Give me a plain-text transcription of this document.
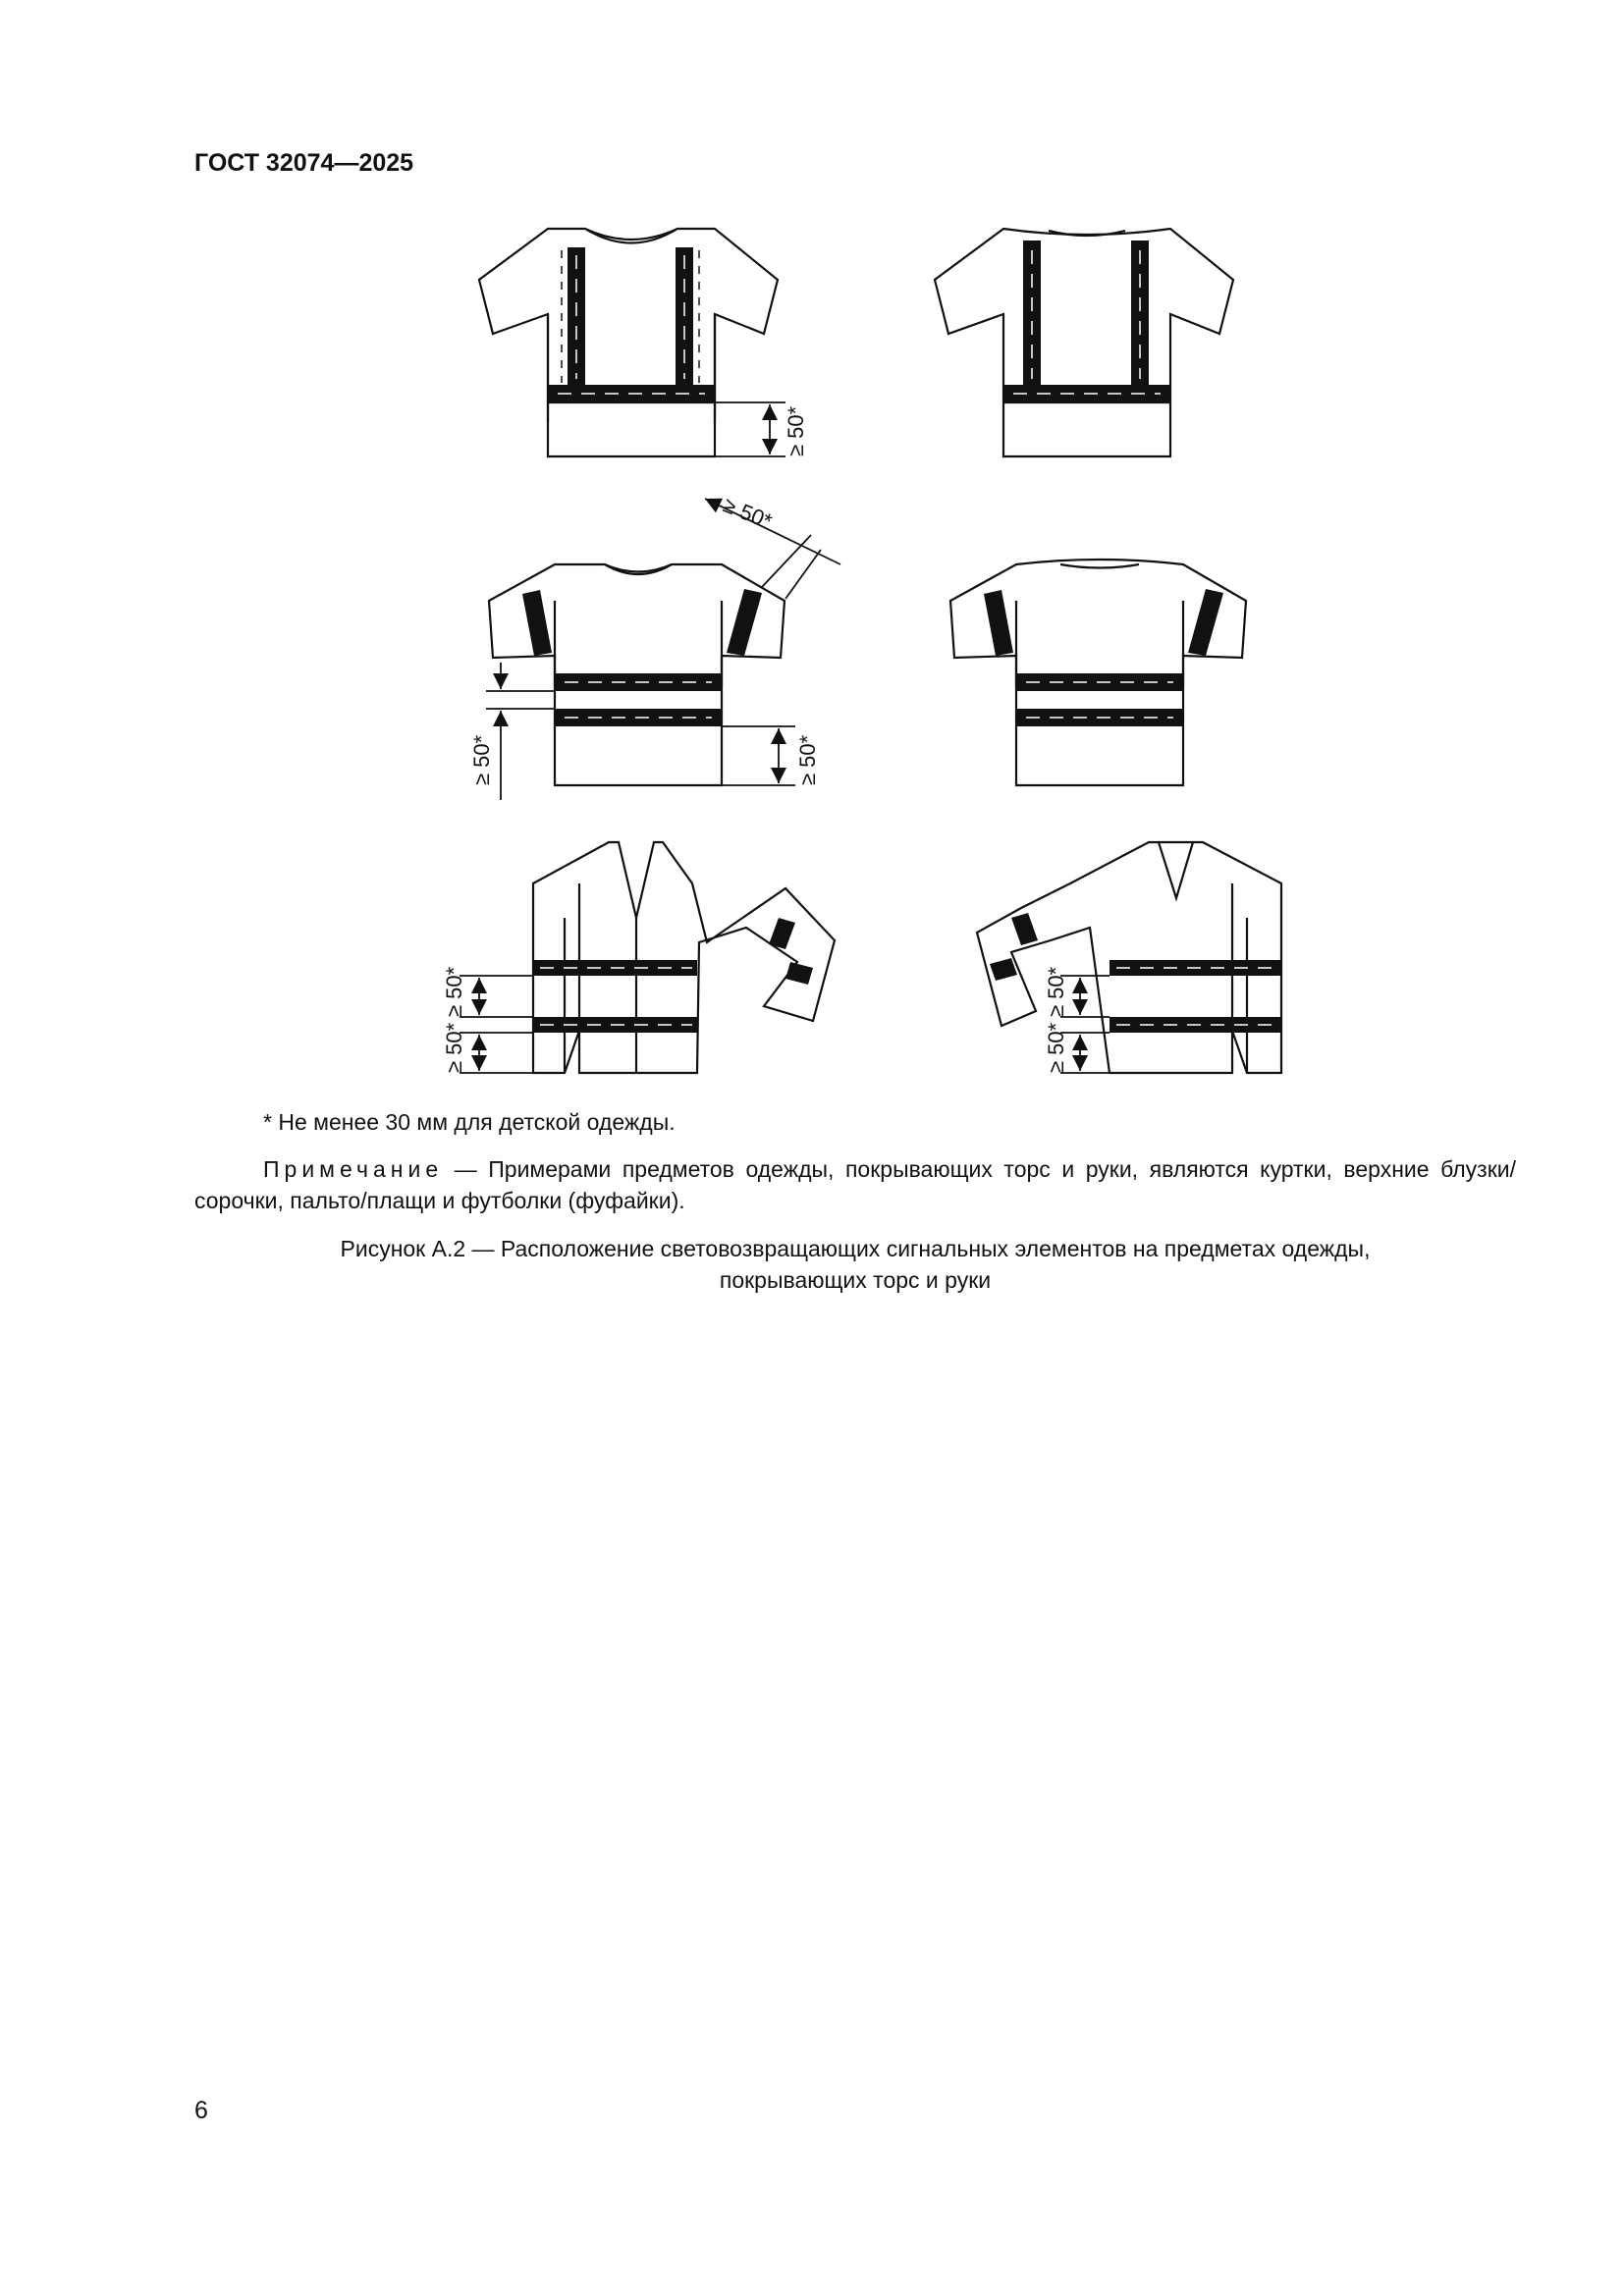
ГОСТ 32074—2025
≥ 50*
≥ 50*
≥ 50*	≥ 50*
≥ 50*
≥ 50*
≥ 50*
≥ 50*
* Не менее 30 мм для детской одежды.
Примечание — Примерами предметов одежды, покрывающих торс и руки, являются куртки, верхние блузки/сорочки, пальто/плащи и футболки (фуфайки).
Рисунок А.2 — Расположение световозвращающих сигнальных элементов на предметах одежды,
покрывающих торс и руки
6
